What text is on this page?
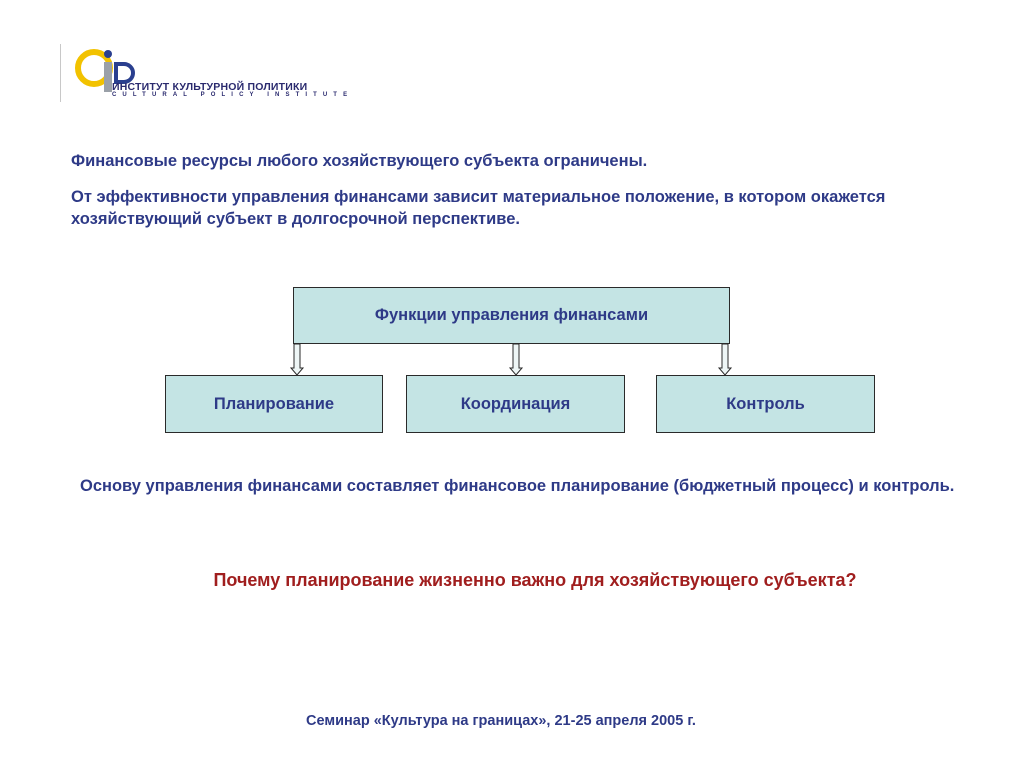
ИНСТИТУТ КУЛЬТУРНОЙ ПОЛИТИКИ
CULTURAL POLICY INSTITUTE
Финансовые ресурсы любого хозяйствующего субъекта ограничены.
От эффективности управления финансами зависит материальное положение, в котором окажется хозяйствующий субъект в долгосрочной перспективе.
Функции управления финансами
Планирование	Координация	Контроль
Основу управления финансами составляет финансовое планирование (бюджетный процесс) и контроль.
Почему планирование жизненно важно для хозяйствующего субъекта?
Семинар «Культура на границах», 21-25 апреля 2005 г.
